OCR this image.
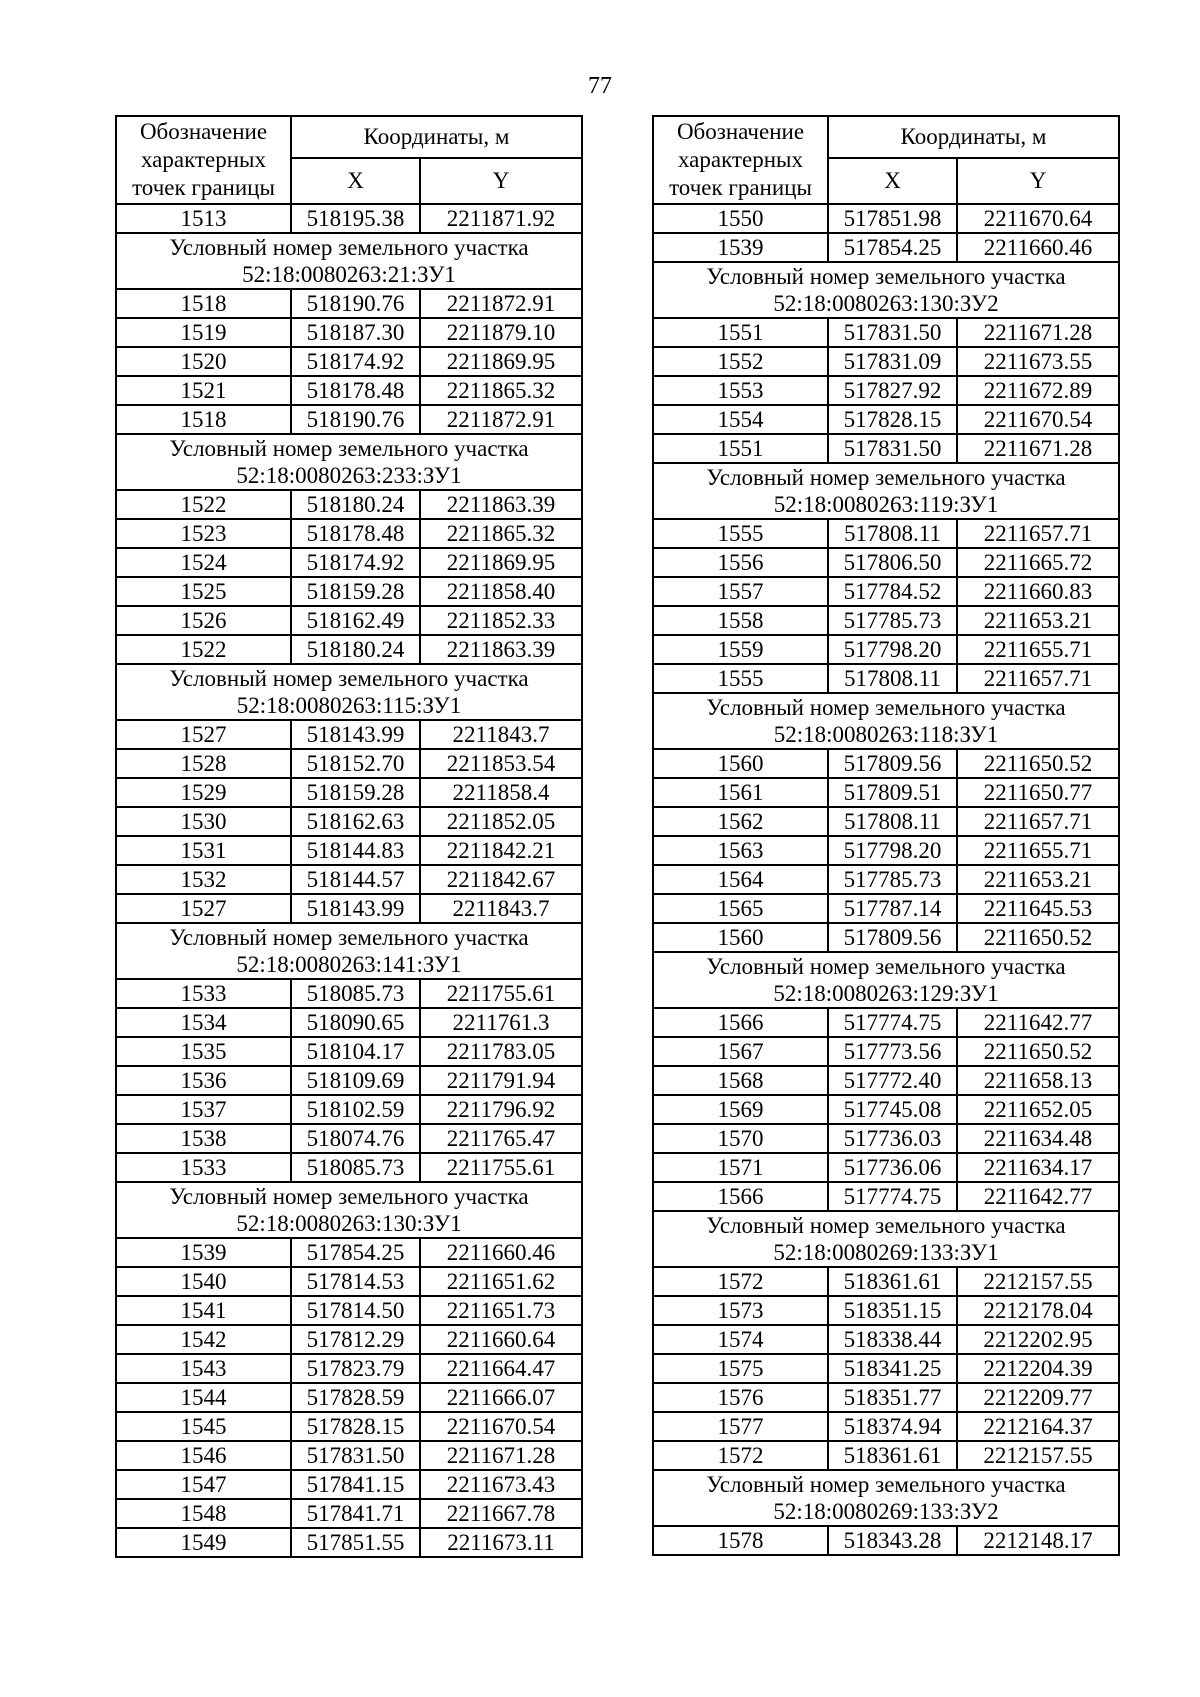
77
Обозначение характерных точек границы	Координаты, м	
	X	Y
1513	518195.38	2211871.92

Условный номер земельного участка
52:18:0080263:21:ЗУ1		

1518	518190.76	2211872.91
1519	518187.30	2211879.10
1520	518174.92	2211869.95
1521	518178.48	2211865.32
1518	518190.76	2211872.91

Условный номер земельного участка
52:18:0080263:233:ЗУ1		

1522	518180.24	2211863.39
1523	518178.48	2211865.32
1524	518174.92	2211869.95
1525	518159.28	2211858.40
1526	518162.49	2211852.33
1522	518180.24	2211863.39

Условный номер земельного участка
52:18:0080263:115:ЗУ1		

1527	518143.99	2211843.7
1528	518152.70	2211853.54
1529	518159.28	2211858.4
1530	518162.63	2211852.05
1531	518144.83	2211842.21
1532	518144.57	2211842.67
1527	518143.99	2211843.7

Условный номер земельного участка
52:18:0080263:141:ЗУ1		

1533	518085.73	2211755.61
1534	518090.65	2211761.3
1535	518104.17	2211783.05
1536	518109.69	2211791.94
1537	518102.59	2211796.92
1538	518074.76	2211765.47
1533	518085.73	2211755.61

Условный номер земельного участка
52:18:0080263:130:ЗУ1		

1539	517854.25	2211660.46
1540	517814.53	2211651.62
1541	517814.50	2211651.73
1542	517812.29	2211660.64
1543	517823.79	2211664.47
1544	517828.59	2211666.07
1545	517828.15	2211670.54
1546	517831.50	2211671.28
1547	517841.15	2211673.43
1548	517841.71	2211667.78
1549	517851.55	2211673.11
Обозначение характерных точек границы	Координаты, м	
	X	Y
1550	517851.98	2211670.64
1539	517854.25	2211660.46

Условный номер земельного участка
52:18:0080263:130:ЗУ2		

1551	517831.50	2211671.28
1552	517831.09	2211673.55
1553	517827.92	2211672.89
1554	517828.15	2211670.54
1551	517831.50	2211671.28

Условный номер земельного участка
52:18:0080263:119:ЗУ1		

1555	517808.11	2211657.71
1556	517806.50	2211665.72
1557	517784.52	2211660.83
1558	517785.73	2211653.21
1559	517798.20	2211655.71
1555	517808.11	2211657.71

Условный номер земельного участка
52:18:0080263:118:ЗУ1		

1560	517809.56	2211650.52
1561	517809.51	2211650.77
1562	517808.11	2211657.71
1563	517798.20	2211655.71
1564	517785.73	2211653.21
1565	517787.14	2211645.53
1560	517809.56	2211650.52

Условный номер земельного участка
52:18:0080263:129:ЗУ1		

1566	517774.75	2211642.77
1567	517773.56	2211650.52
1568	517772.40	2211658.13
1569	517745.08	2211652.05
1570	517736.03	2211634.48
1571	517736.06	2211634.17
1566	517774.75	2211642.77

Условный номер земельного участка
52:18:0080269:133:ЗУ1		

1572	518361.61	2212157.55
1573	518351.15	2212178.04
1574	518338.44	2212202.95
1575	518341.25	2212204.39
1576	518351.77	2212209.77
1577	518374.94	2212164.37
1572	518361.61	2212157.55

Условный номер земельного участка
52:18:0080269:133:ЗУ2		

1578	518343.28	2212148.17
